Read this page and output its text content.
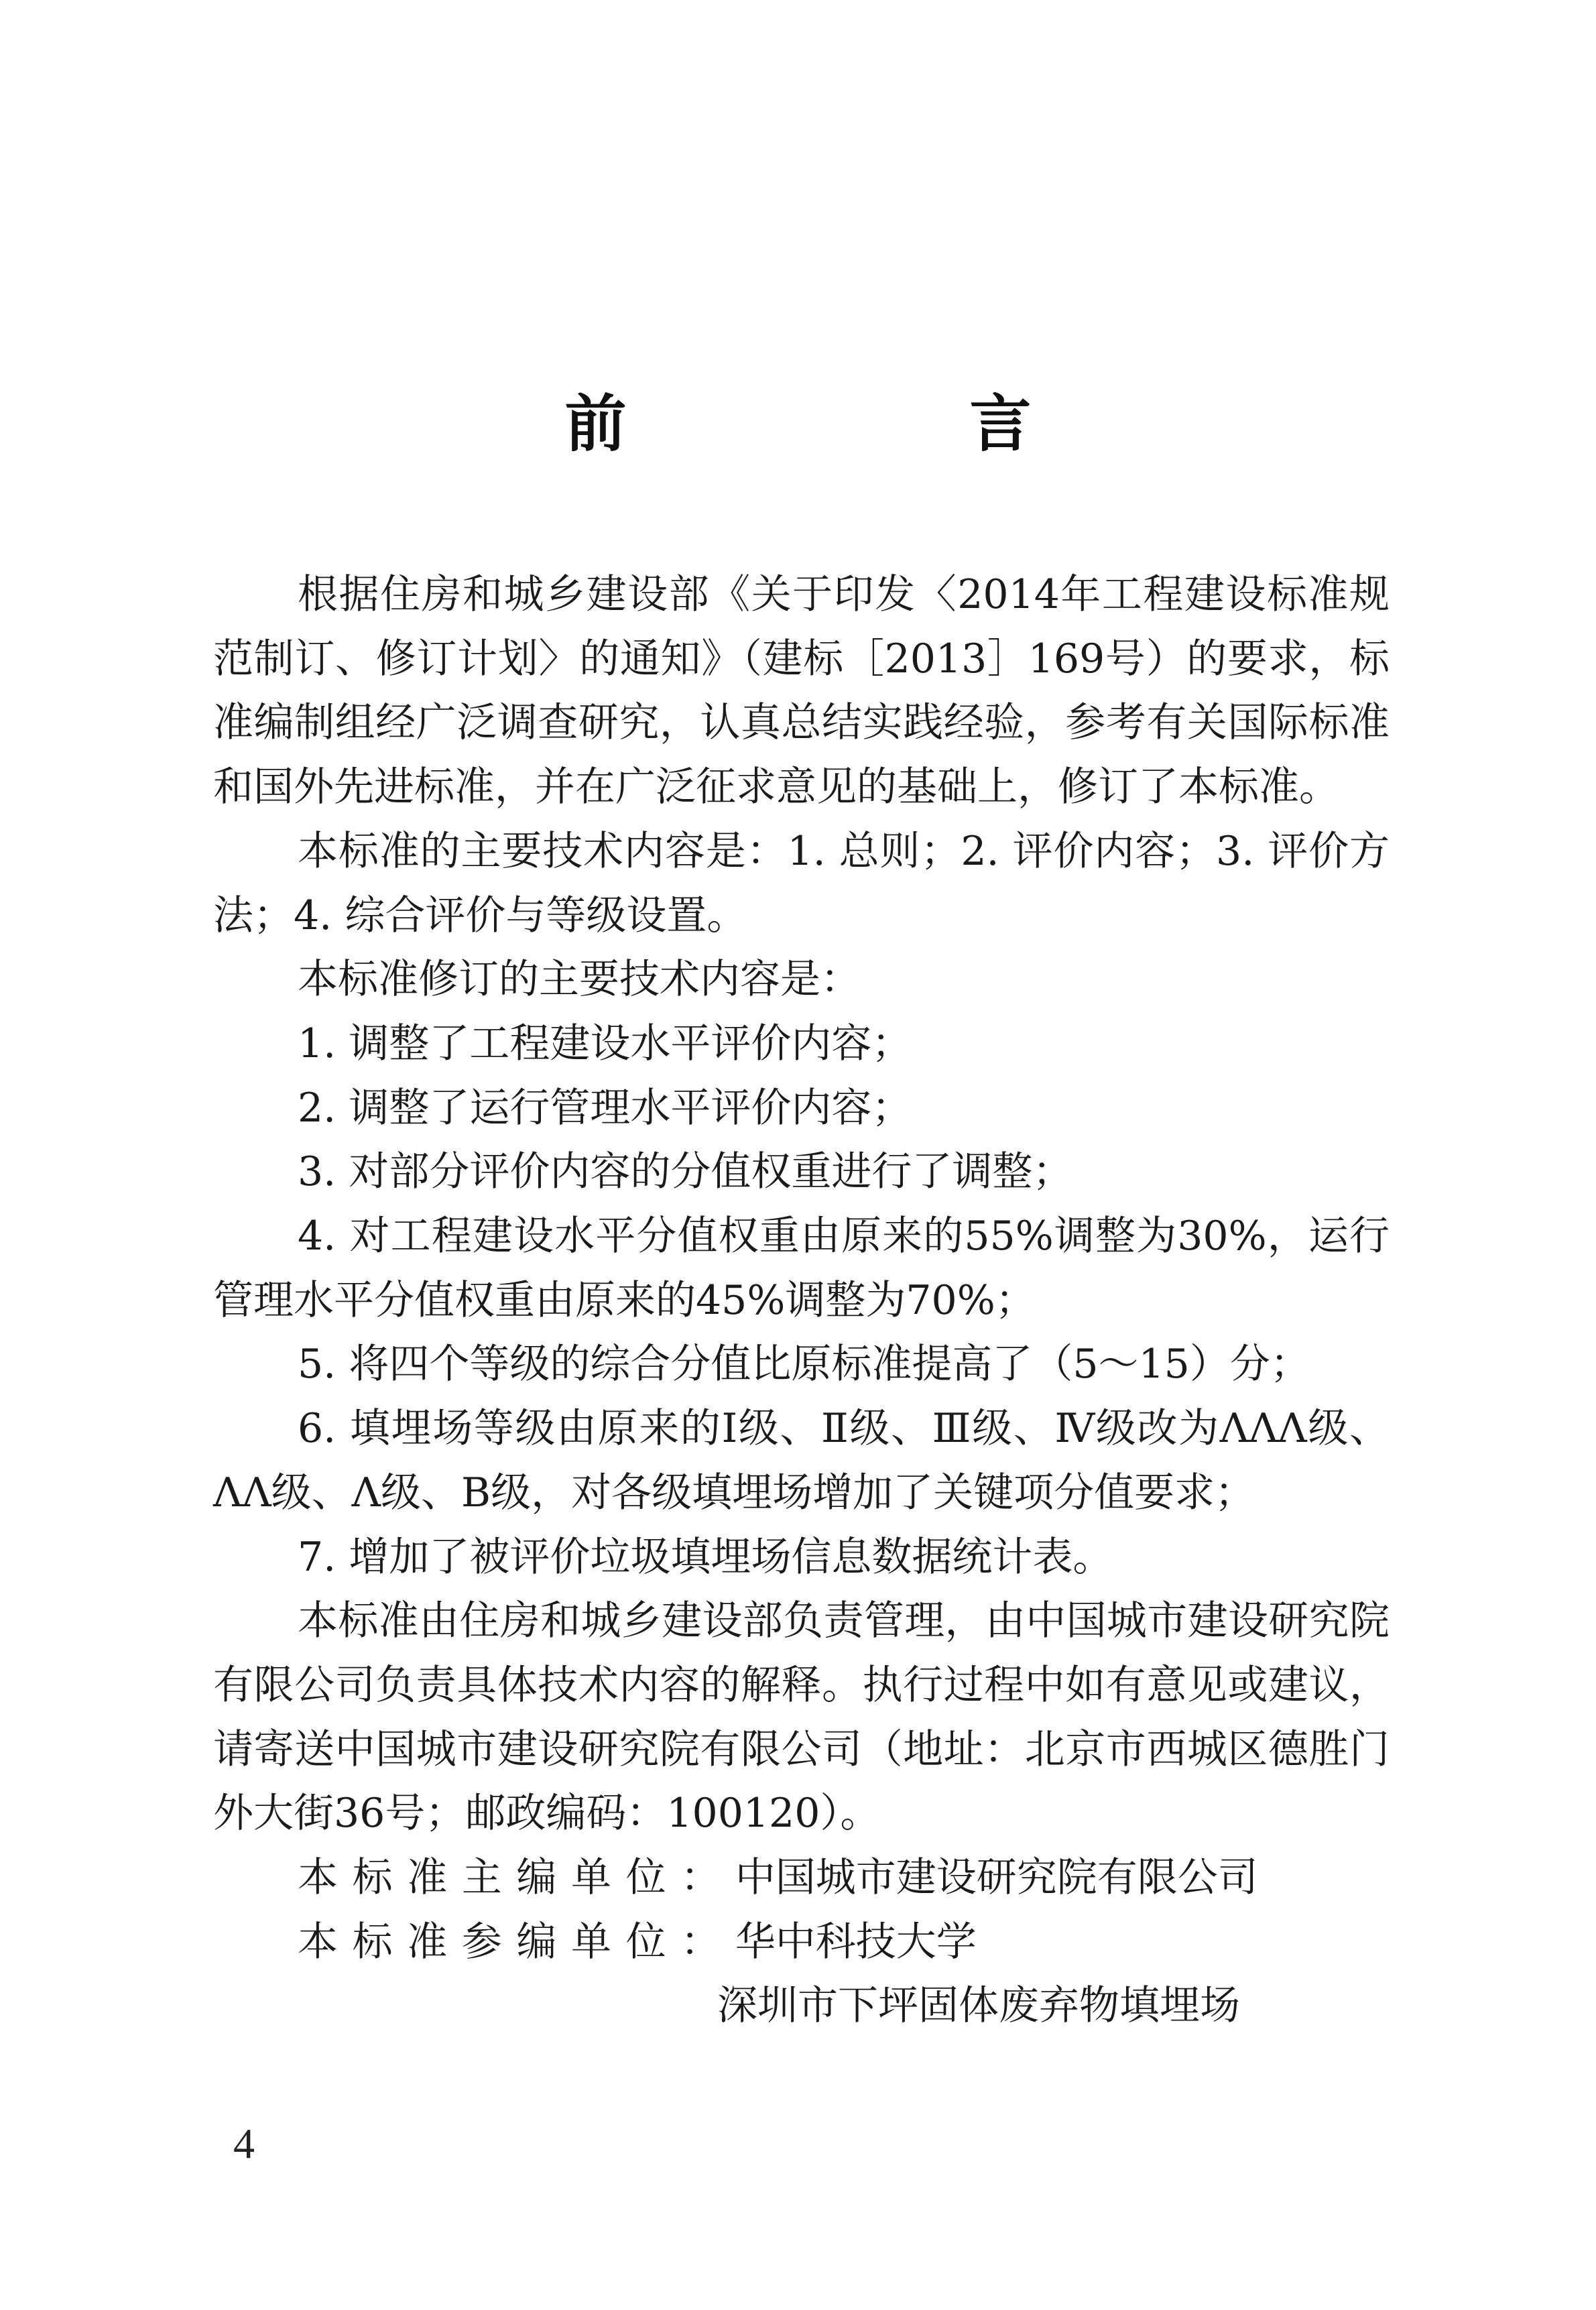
前　言

根据住房和城乡建设部《关于印发〈2014年工程建设标准规范制订、修订计划〉的通知》（建标［2013］169号）的要求，标准编制组经广泛调查研究，认真总结实践经验，参考有关国际标准和国外先进标准，并在广泛征求意见的基础上，修订了本标准。

本标准的主要技术内容是：1. 总则；2. 评价内容；3. 评价方法；4. 综合评价与等级设置。

本标准修订的主要技术内容是：

1. 调整了工程建设水平评价内容；

2. 调整了运行管理水平评价内容；

3. 对部分评价内容的分值权重进行了调整；

4. 对工程建设水平分值权重由原来的55%调整为30%，运行管理水平分值权重由原来的45%调整为70%；

5. 将四个等级的综合分值比原标准提高了（5～15）分；

6. 填埋场等级由原来的Ⅰ级、Ⅱ级、Ⅲ级、Ⅳ级改为ΛΛΛ级、ΛΛ级、Λ级、B级，对各级填埋场增加了关键项分值要求；

7. 增加了被评价垃圾填埋场信息数据统计表。

本标准由住房和城乡建设部负责管理，由中国城市建设研究院有限公司负责具体技术内容的解释。执行过程中如有意见或建议，请寄送中国城市建设研究院有限公司（地址：北京市西城区德胜门外大街36号；邮政编码：100120）。

本标准主编单位：中国城市建设研究院有限公司

本标准参编单位：华中科技大学

深圳市下坪固体废弃物填埋场

4
